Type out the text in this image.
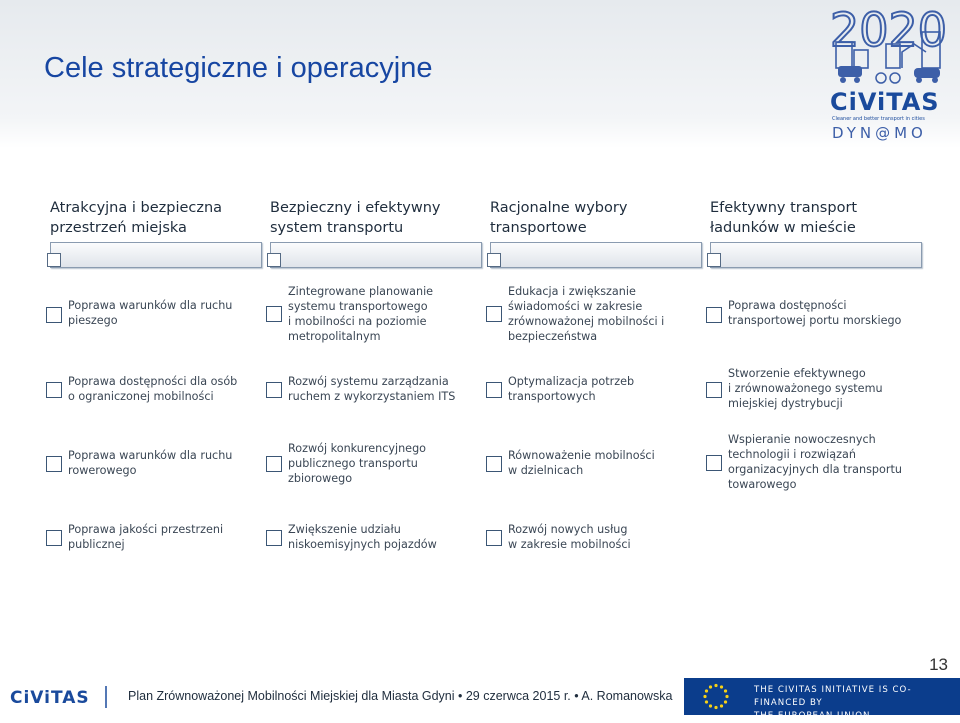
Cele strategiczne i operacyjne
2020
CiViTAS
Cleaner and better transport in cities
DYN@MO
Atrakcyjna i bezpieczna
przestrzeń miejska
Poprawa warunków dla ruchu
pieszego
Poprawa dostępności dla osób
o ograniczonej mobilności
Poprawa warunków dla ruchu
rowerowego
Poprawa jakości przestrzeni
publicznej
Bezpieczny i efektywny
system transportu
Zintegrowane planowanie
systemu transportowego
i mobilności na poziomie
metropolitalnym
Rozwój systemu zarządzania
ruchem z wykorzystaniem ITS
Rozwój konkurencyjnego
publicznego transportu
zbiorowego
Zwiększenie udziału
niskoemisyjnych pojazdów
Racjonalne wybory
transportowe
Edukacja i zwiększanie
świadomości w zakresie
zrównoważonej mobilności i
bezpieczeństwa
Optymalizacja potrzeb
transportowych
Równoważenie mobilności
w dzielnicach
Rozwój nowych usług
w zakresie mobilności
Efektywny transport
ładunków w mieście
Poprawa dostępności
transportowej portu morskiego
Stworzenie efektywnego
i zrównoważonego systemu
miejskiej dystrybucji
Wspieranie nowoczesnych
technologii i rozwiązań
organizacyjnych dla transportu
towarowego
13
CiViTAS	Plan Zrównoważonej Mobilności Miejskiej dla Miasta Gdyni • 29 czerwca 2015 r. • A. Romanowska	THE CIVITAS INITIATIVE IS CO-FINANCED BY
THE EUROPEAN UNION
